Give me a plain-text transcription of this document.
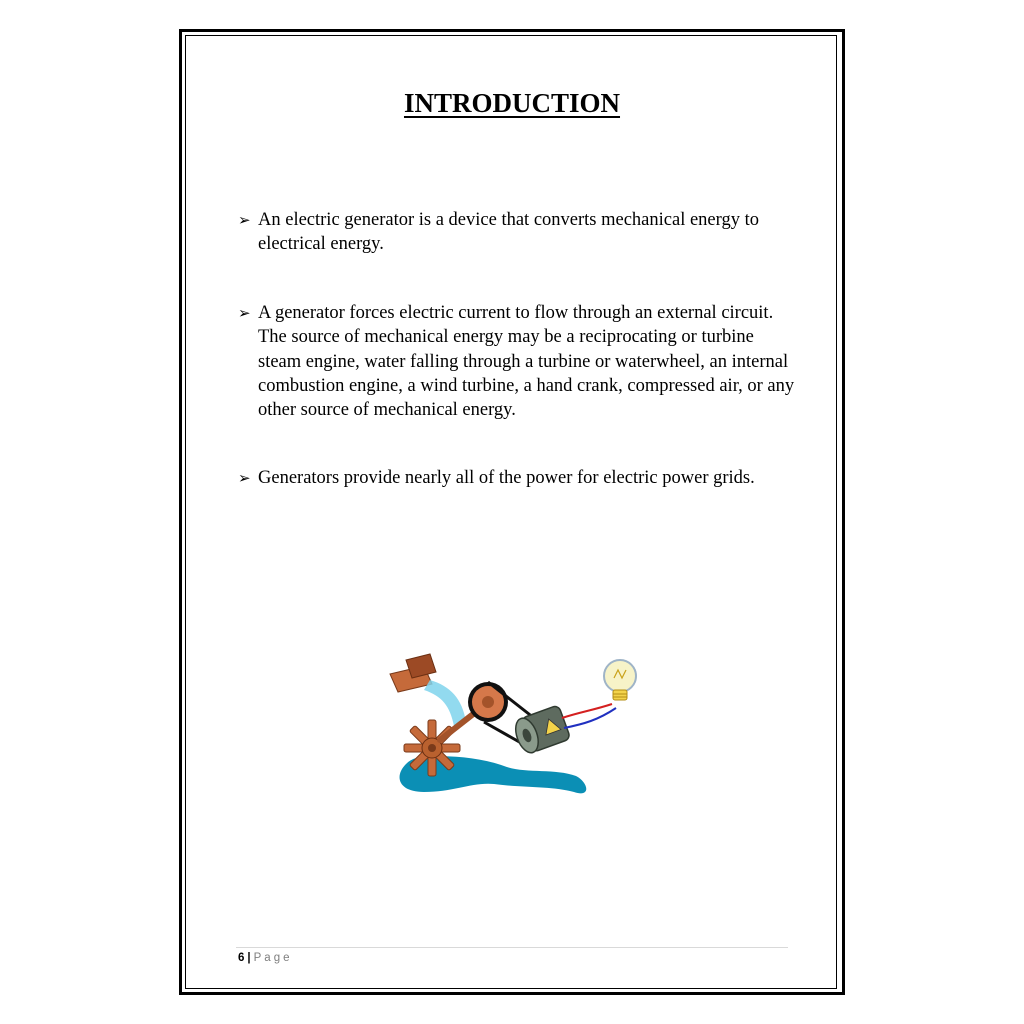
INTRODUCTION
➢ An electric generator is a device that converts mechanical energy to electrical energy.
➢ A generator forces electric current to flow through an external circuit. The source of mechanical energy may be a reciprocating or turbine steam engine, water falling through a turbine or waterwheel, an internal combustion engine, a wind turbine, a hand crank, compressed air, or any other source of mechanical energy.
➢ Generators provide nearly all of the power for electric power grids.
6 | Page
